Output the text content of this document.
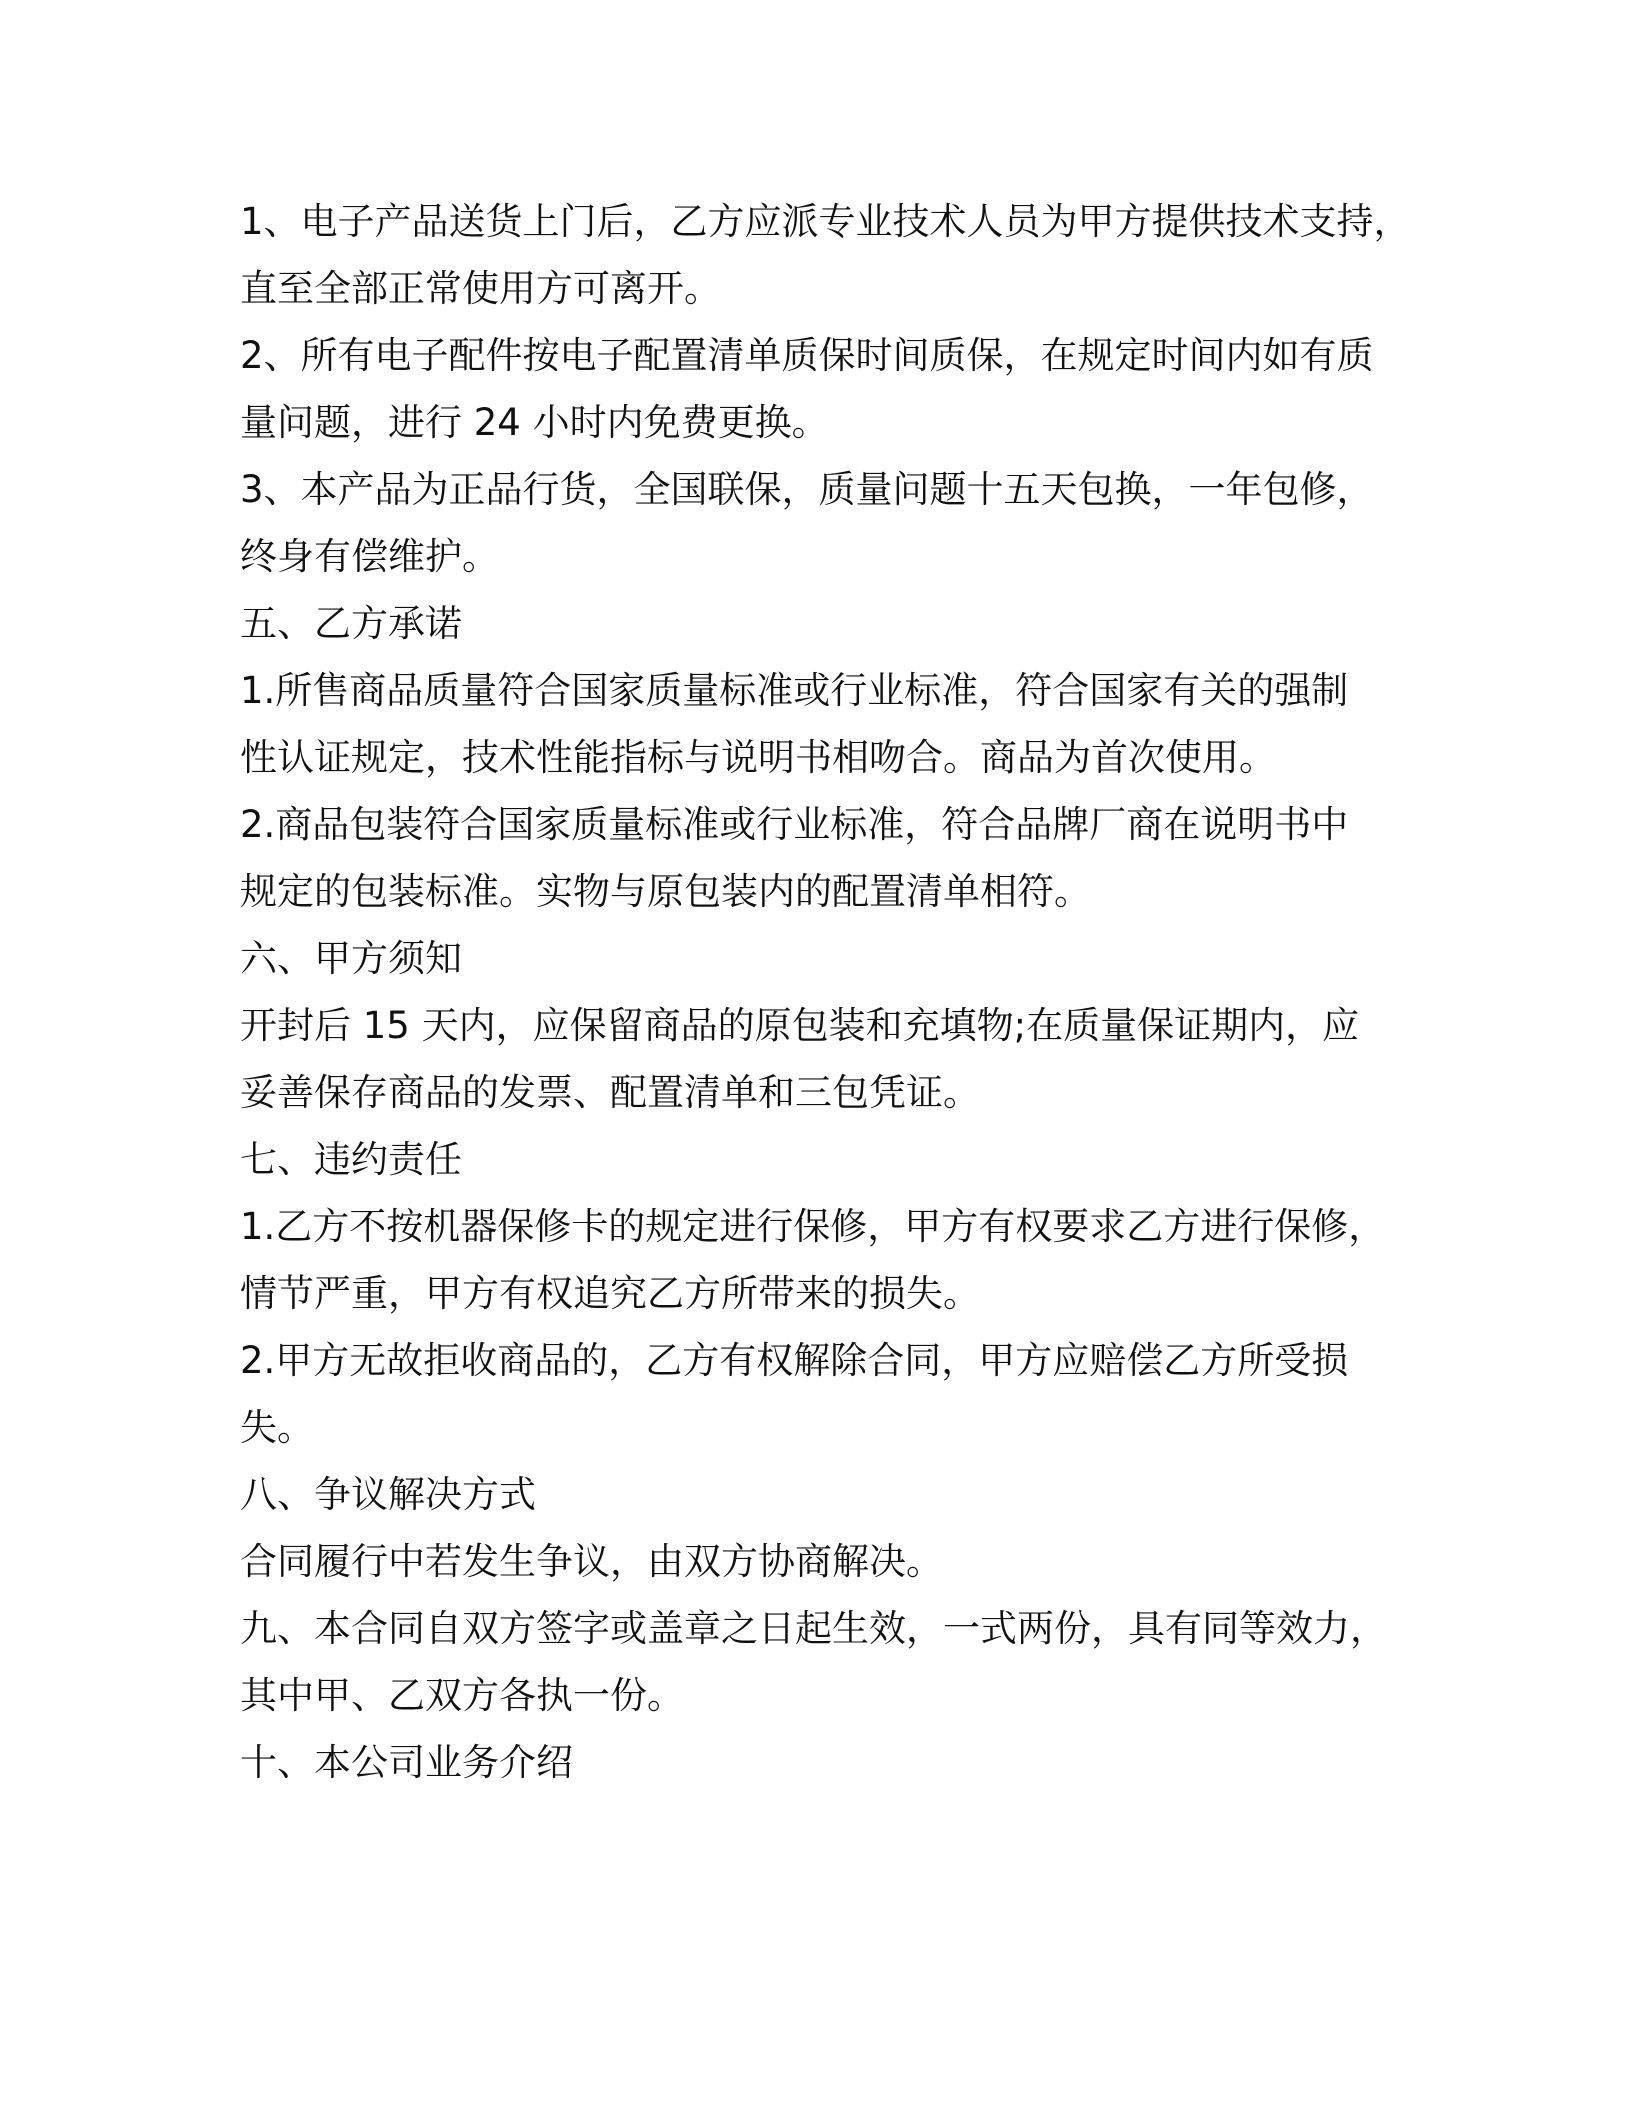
1、电子产品送货上门后，乙方应派专业技术人员为甲方提供技术支持，
直至全部正常使用方可离开。
2、所有电子配件按电子配置清单质保时间质保，在规定时间内如有质
量问题，进行 24 小时内免费更换。
3、本产品为正品行货，全国联保，质量问题十五天包换，一年包修，
终身有偿维护。
五、乙方承诺
1.所售商品质量符合国家质量标准或行业标准，符合国家有关的强制
性认证规定，技术性能指标与说明书相吻合。商品为首次使用。
2.商品包装符合国家质量标准或行业标准，符合品牌厂商在说明书中
规定的包装标准。实物与原包装内的配置清单相符。
六、甲方须知
开封后 15 天内，应保留商品的原包装和充填物;在质量保证期内，应
妥善保存商品的发票、配置清单和三包凭证。
七、违约责任
1.乙方不按机器保修卡的规定进行保修，甲方有权要求乙方进行保修，
情节严重，甲方有权追究乙方所带来的损失。
2.甲方无故拒收商品的，乙方有权解除合同，甲方应赔偿乙方所受损
失。
八、争议解决方式
合同履行中若发生争议，由双方协商解决。
九、本合同自双方签字或盖章之日起生效，一式两份，具有同等效力，
其中甲、乙双方各执一份。
十、本公司业务介绍
